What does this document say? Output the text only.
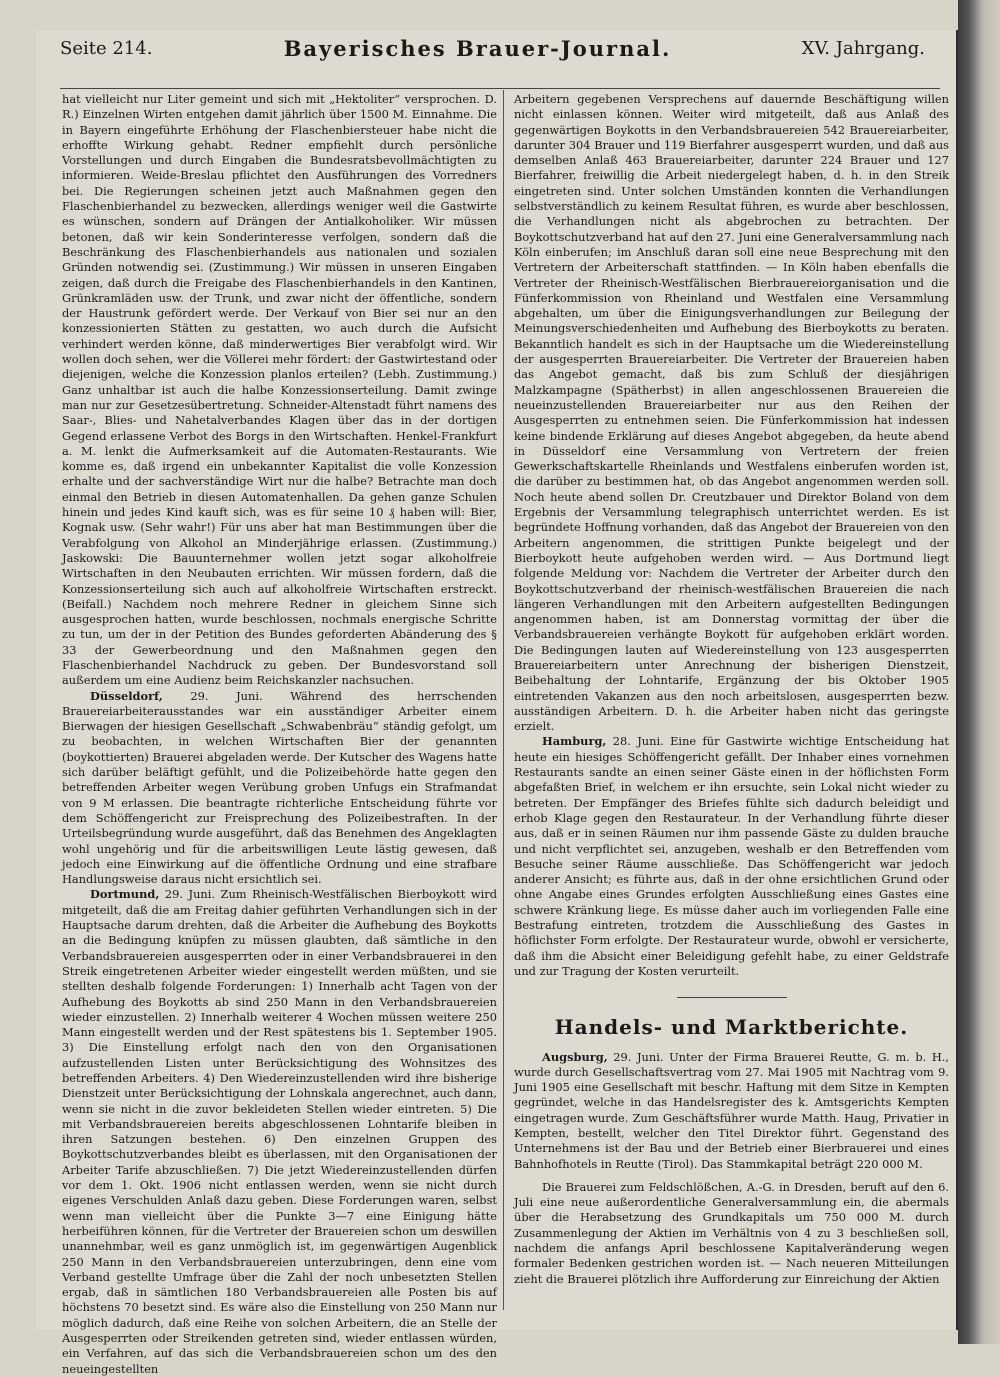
Seite 214.	Bayerisches Brauer-Journal.	XV. Jahrgang.

hat vielleicht nur Liter gemeint und sich mit „Hektoliter“ versprochen. D. R.) Einzelnen Wirten entgehen damit jährlich über 1500 M. Einnahme. Die in Bayern eingeführte Erhöhung der Flaschenbiersteuer habe nicht die erhoffte Wirkung gehabt. Redner empfiehlt durch persönliche Vorstellungen und durch Eingaben die Bundesratsbevollmächtigten zu informieren. Weide-Breslau pflichtet den Ausführungen des Vorredners bei. Die Regierungen scheinen jetzt auch Maßnahmen gegen den Flaschenbierhandel zu bezwecken, allerdings weniger weil die Gastwirte es wünschen, sondern auf Drängen der Antialkoholiker. Wir müssen betonen, daß wir kein Sonderinteresse verfolgen, sondern daß die Beschränkung des Flaschenbierhandels aus nationalen und sozialen Gründen notwendig sei. (Zustimmung.) Wir müssen in unseren Eingaben zeigen, daß durch die Freigabe des Flaschenbierhandels in den Kantinen, Grünkramläden usw. der Trunk, und zwar nicht der öffentliche, sondern der Haustrunk gefördert werde. Der Verkauf von Bier sei nur an den konzessionierten Stätten zu gestatten, wo auch durch die Aufsicht verhindert werden könne, daß minderwertiges Bier verabfolgt wird. Wir wollen doch sehen, wer die Völlerei mehr fördert: der Gastwirtestand oder diejenigen, welche die Konzession planlos erteilen? (Lebh. Zustimmung.) Ganz unhaltbar ist auch die halbe Konzessionserteilung. Damit zwinge man nur zur Gesetzesübertretung. Schneider-Altenstadt führt namens des Saar-, Blies- und Nahetalverbandes Klagen über das in der dortigen Gegend erlassene Verbot des Borgs in den Wirtschaften. Henkel-Frankfurt a. M. lenkt die Aufmerksamkeit auf die Automaten-Restaurants. Wie komme es, daß irgend ein unbekannter Kapitalist die volle Konzession erhalte und der sachverständige Wirt nur die halbe? Betrachte man doch einmal den Betrieb in diesen Automatenhallen. Da gehen ganze Schulen hinein und jedes Kind kauft sich, was es für seine 10 ₰ haben will: Bier, Kognak usw. (Sehr wahr!) Für uns aber hat man Bestimmungen über die Verabfolgung von Alkohol an Minderjährige erlassen. (Zustimmung.) Jaskowski: Die Bauunternehmer wollen jetzt sogar alkoholfreie Wirtschaften in den Neubauten errichten. Wir müssen fordern, daß die Konzessionserteilung sich auch auf alkoholfreie Wirtschaften erstreckt. (Beifall.) Nachdem noch mehrere Redner in gleichem Sinne sich ausgesprochen hatten, wurde beschlossen, nochmals energische Schritte zu tun, um der in der Petition des Bundes geforderten Abänderung des § 33 der Gewerbeordnung und den Maßnahmen gegen den Flaschenbierhandel Nachdruck zu geben. Der Bundesvorstand soll außerdem um eine Audienz beim Reichskanzler nachsuchen.

Düsseldorf, 29. Juni. Während des herrschenden Brauereiarbeiterausstandes war ein ausständiger Arbeiter einem Bierwagen der hiesigen Gesellschaft „Schwabenbräu“ ständig gefolgt, um zu beobachten, in welchen Wirtschaften Bier der genannten (boykottierten) Brauerei abgeladen werde. Der Kutscher des Wagens hatte sich darüber beläftigt gefühlt, und die Polizeibehörde hatte gegen den betreffenden Arbeiter wegen Verübung groben Unfugs ein Strafmandat von 9 M erlassen. Die beantragte richterliche Entscheidung führte vor dem Schöffengericht zur Freisprechung des Polizeibestraften. In der Urteilsbegründung wurde ausgeführt, daß das Benehmen des Angeklagten wohl ungehörig und für die arbeitswilligen Leute lästig gewesen, daß jedoch eine Einwirkung auf die öffentliche Ordnung und eine strafbare Handlungsweise daraus nicht ersichtlich sei.

Dortmund, 29. Juni. Zum Rheinisch-Westfälischen Bierboykott wird mitgeteilt, daß die am Freitag dahier geführten Verhandlungen sich in der Hauptsache darum drehten, daß die Arbeiter die Aufhebung des Boykotts an die Bedingung knüpfen zu müssen glaubten, daß sämtliche in den Verbandsbrauereien ausgesperrten oder in einer Verbandsbrauerei in den Streik eingetretenen Arbeiter wieder eingestellt werden müßten, und sie stellten deshalb folgende Forderungen: 1) Innerhalb acht Tagen von der Aufhebung des Boykotts ab sind 250 Mann in den Verbandsbrauereien wieder einzustellen. 2) Innerhalb weiterer 4 Wochen müssen weitere 250 Mann eingestellt werden und der Rest spätestens bis 1. September 1905. 3) Die Einstellung erfolgt nach den von den Organisationen aufzustellenden Listen unter Berücksichtigung des Wohnsitzes des betreffenden Arbeiters. 4) Den Wiedereinzustellenden wird ihre bisherige Dienstzeit unter Berücksichtigung der Lohnskala angerechnet, auch dann, wenn sie nicht in die zuvor bekleideten Stellen wieder eintreten. 5) Die mit Verbandsbrauereien bereits abgeschlossenen Lohntarife bleiben in ihren Satzungen bestehen. 6) Den einzelnen Gruppen des Boykottschutzverbandes bleibt es überlassen, mit den Organisationen der Arbeiter Tarife abzuschließen. 7) Die jetzt Wiedereinzustellenden dürfen vor dem 1. Okt. 1906 nicht entlassen werden, wenn sie nicht durch eigenes Verschulden Anlaß dazu geben. Diese Forderungen waren, selbst wenn man vielleicht über die Punkte 3—7 eine Einigung hätte herbeiführen können, für die Vertreter der Brauereien schon um deswillen unannehmbar, weil es ganz unmöglich ist, im gegenwärtigen Augenblick 250 Mann in den Verbandsbrauereien unterzubringen, denn eine vom Verband gestellte Umfrage über die Zahl der noch unbesetzten Stellen ergab, daß in sämtlichen 180 Verbandsbrauereien alle Posten bis auf höchstens 70 besetzt sind. Es wäre also die Einstellung von 250 Mann nur möglich dadurch, daß eine Reihe von solchen Arbeitern, die an Stelle der Ausgesperrten oder Streikenden getreten sind, wieder entlassen würden, ein Verfahren, auf das sich die Verbandsbrauereien schon um des den neueingestellten

Arbeitern gegebenen Versprechens auf dauernde Beschäftigung willen nicht einlassen können. Weiter wird mitgeteilt, daß aus Anlaß des gegenwärtigen Boykotts in den Verbandsbrauereien 542 Brauereiarbeiter, darunter 304 Brauer und 119 Bierfahrer ausgesperrt wurden, und daß aus demselben Anlaß 463 Brauereiarbeiter, darunter 224 Brauer und 127 Bierfahrer, freiwillig die Arbeit niedergelegt haben, d. h. in den Streik eingetreten sind. Unter solchen Umständen konnten die Verhandlungen selbstverständlich zu keinem Resultat führen, es wurde aber beschlossen, die Verhandlungen nicht als abgebrochen zu betrachten. Der Boykottschutzverband hat auf den 27. Juni eine Generalversammlung nach Köln einberufen; im Anschluß daran soll eine neue Besprechung mit den Vertretern der Arbeiterschaft stattfinden. — In Köln haben ebenfalls die Vertreter der Rheinisch-Westfälischen Bierbrauereiorganisation und die Fünferkommission von Rheinland und Westfalen eine Versammlung abgehalten, um über die Einigungsverhandlungen zur Beilegung der Meinungsverschiedenheiten und Aufhebung des Bierboykotts zu beraten. Bekanntlich handelt es sich in der Hauptsache um die Wiedereinstellung der ausgesperrten Brauereiarbeiter. Die Vertreter der Brauereien haben das Angebot gemacht, daß bis zum Schluß der diesjährigen Malzkampagne (Spätherbst) in allen angeschlossenen Brauereien die neueinzustellenden Brauereiarbeiter nur aus den Reihen der Ausgesperrten zu entnehmen seien. Die Fünferkommission hat indessen keine bindende Erklärung auf dieses Angebot abgegeben, da heute abend in Düsseldorf eine Versammlung von Vertretern der freien Gewerkschaftskartelle Rheinlands und Westfalens einberufen worden ist, die darüber zu bestimmen hat, ob das Angebot angenommen werden soll. Noch heute abend sollen Dr. Creutzbauer und Direktor Boland von dem Ergebnis der Versammlung telegraphisch unterrichtet werden. Es ist begründete Hoffnung vorhanden, daß das Angebot der Brauereien von den Arbeitern angenommen, die strittigen Punkte beigelegt und der Bierboykott heute aufgehoben werden wird. — Aus Dortmund liegt folgende Meldung vor: Nachdem die Vertreter der Arbeiter durch den Boykottschutzverband der rheinisch-westfälischen Brauereien die nach längeren Verhandlungen mit den Arbeitern aufgestellten Bedingungen angenommen haben, ist am Donnerstag vormittag der über die Verbandsbrauereien verhängte Boykott für aufgehoben erklärt worden. Die Bedingungen lauten auf Wiedereinstellung von 123 ausgesperrten Brauereiarbeitern unter Anrechnung der bisherigen Dienstzeit, Beibehaltung der Lohntarife, Ergänzung der bis Oktober 1905 eintretenden Vakanzen aus den noch arbeitslosen, ausgesperrten bezw. ausständigen Arbeitern. D. h. die Arbeiter haben nicht das geringste erzielt.

Hamburg, 28. Juni. Eine für Gastwirte wichtige Entscheidung hat heute ein hiesiges Schöffengericht gefällt. Der Inhaber eines vornehmen Restaurants sandte an einen seiner Gäste einen in der höflichsten Form abgefaßten Brief, in welchem er ihn ersuchte, sein Lokal nicht wieder zu betreten. Der Empfänger des Briefes fühlte sich dadurch beleidigt und erhob Klage gegen den Restaurateur. In der Verhandlung führte dieser aus, daß er in seinen Räumen nur ihm passende Gäste zu dulden brauche und nicht verpflichtet sei, anzugeben, weshalb er den Betreffenden vom Besuche seiner Räume ausschließe. Das Schöffengericht war jedoch anderer Ansicht; es führte aus, daß in der ohne ersichtlichen Grund oder ohne Angabe eines Grundes erfolgten Ausschließung eines Gastes eine schwere Kränkung liege. Es müsse daher auch im vorliegenden Falle eine Bestrafung eintreten, trotzdem die Ausschließung des Gastes in höflichster Form erfolgte. Der Restaurateur wurde, obwohl er versicherte, daß ihm die Absicht einer Beleidigung gefehlt habe, zu einer Geldstrafe und zur Tragung der Kosten verurteilt.

Handels- und Marktberichte.

Augsburg, 29. Juni. Unter der Firma Brauerei Reutte, G. m. b. H., wurde durch Gesellschaftsvertrag vom 27. Mai 1905 mit Nachtrag vom 9. Juni 1905 eine Gesellschaft mit beschr. Haftung mit dem Sitze in Kempten gegründet, welche in das Handelsregister des k. Amtsgerichts Kempten eingetragen wurde. Zum Geschäftsführer wurde Matth. Haug, Privatier in Kempten, bestellt, welcher den Titel Direktor führt. Gegenstand des Unternehmens ist der Bau und der Betrieb einer Bierbrauerei und eines Bahnhofhotels in Reutte (Tirol). Das Stammkapital beträgt 220 000 M.

Die Brauerei zum Feldschlößchen, A.-G. in Dresden, beruft auf den 6. Juli eine neue außerordentliche Generalversammlung ein, die abermals über die Herabsetzung des Grundkapitals um 750 000 M. durch Zusammenlegung der Aktien im Verhältnis von 4 zu 3 beschließen soll, nachdem die anfangs April beschlossene Kapitalveränderung wegen formaler Bedenken gestrichen worden ist. — Nach neueren Mitteilungen zieht die Brauerei plötzlich ihre Aufforderung zur Einreichung der Aktien
